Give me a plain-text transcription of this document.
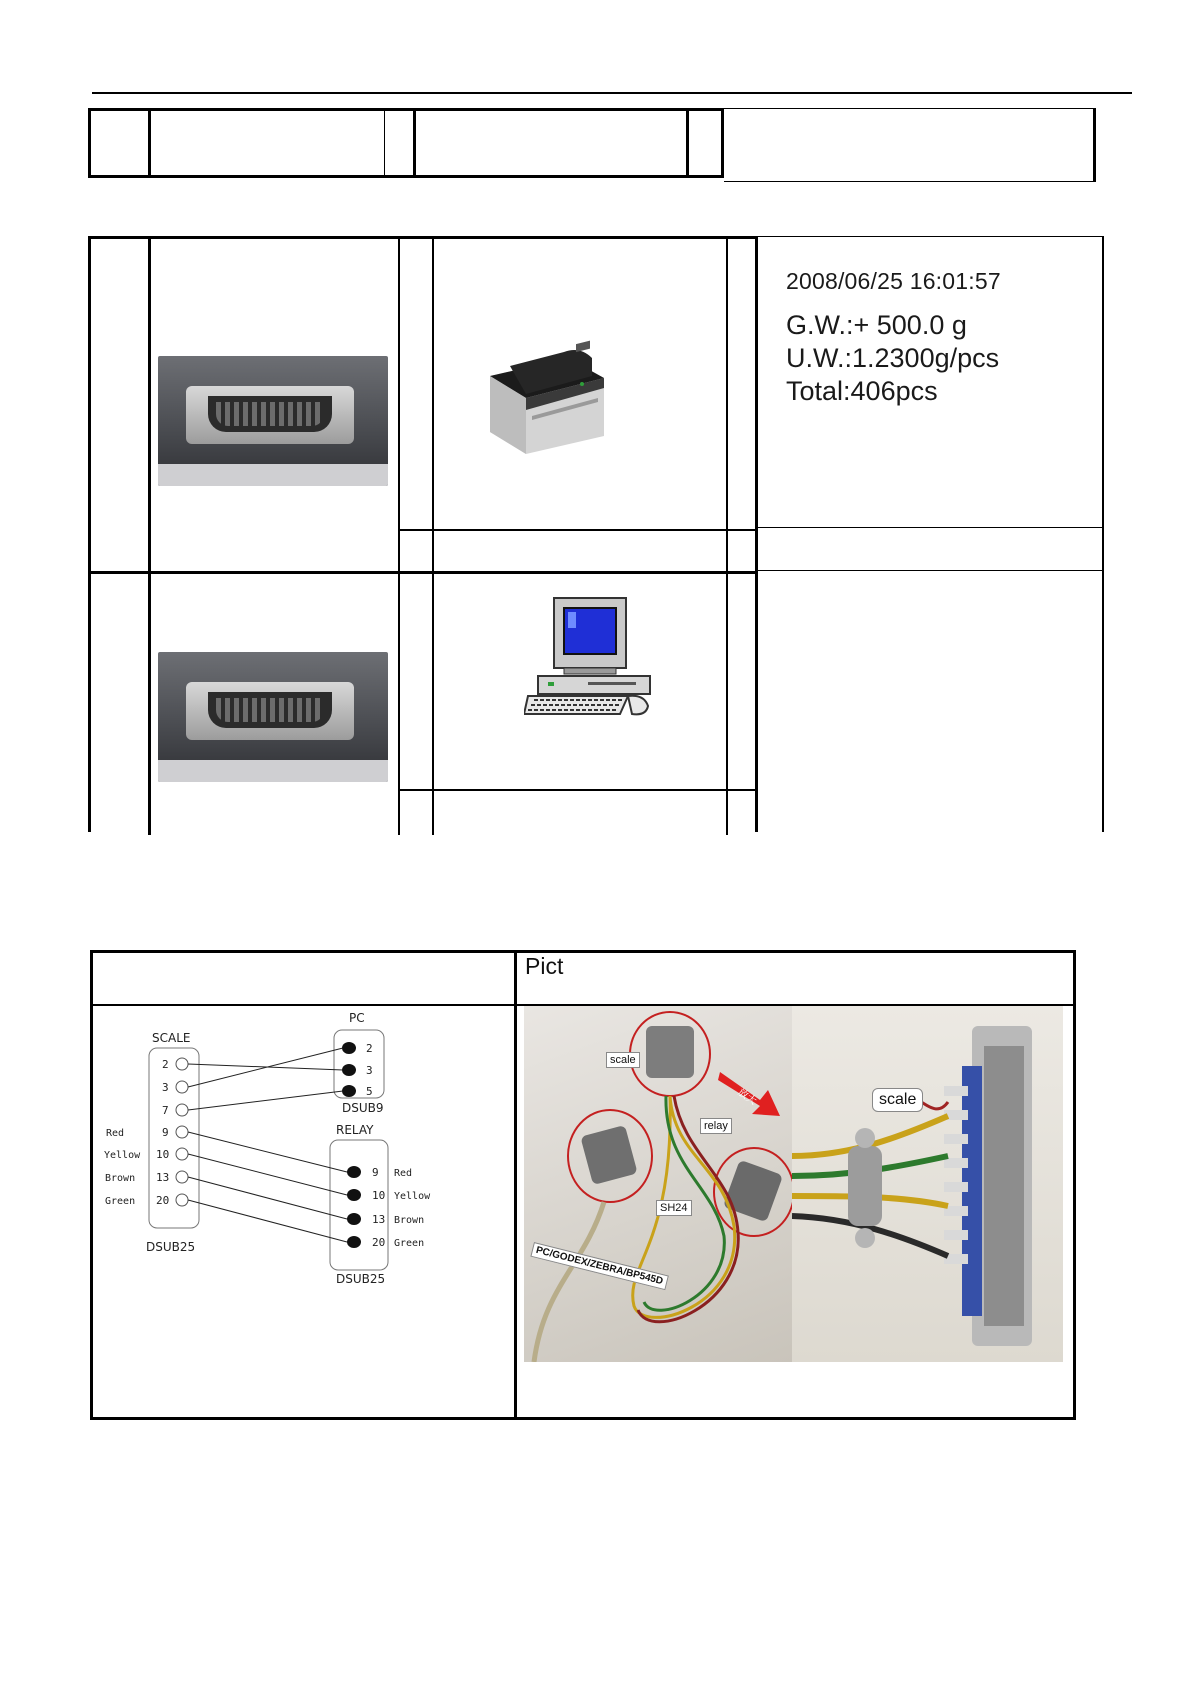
2008/06/25 16:01:57
G.W.:+ 500.0 g
U.W.:1.2300g/pcs
Total:406pcs
Pict
SCALE
PC
RELAY
DSUB9
DSUB25
DSUB25
2
3
7
9
10
13
20
Red
Yellow
Brown
Green
2
3
5
9
10
13
20
Red
Yellow
Brown
Green
scale
relay
SH24
PC/GODEX/ZEBRA/BP545D
放大	scale
